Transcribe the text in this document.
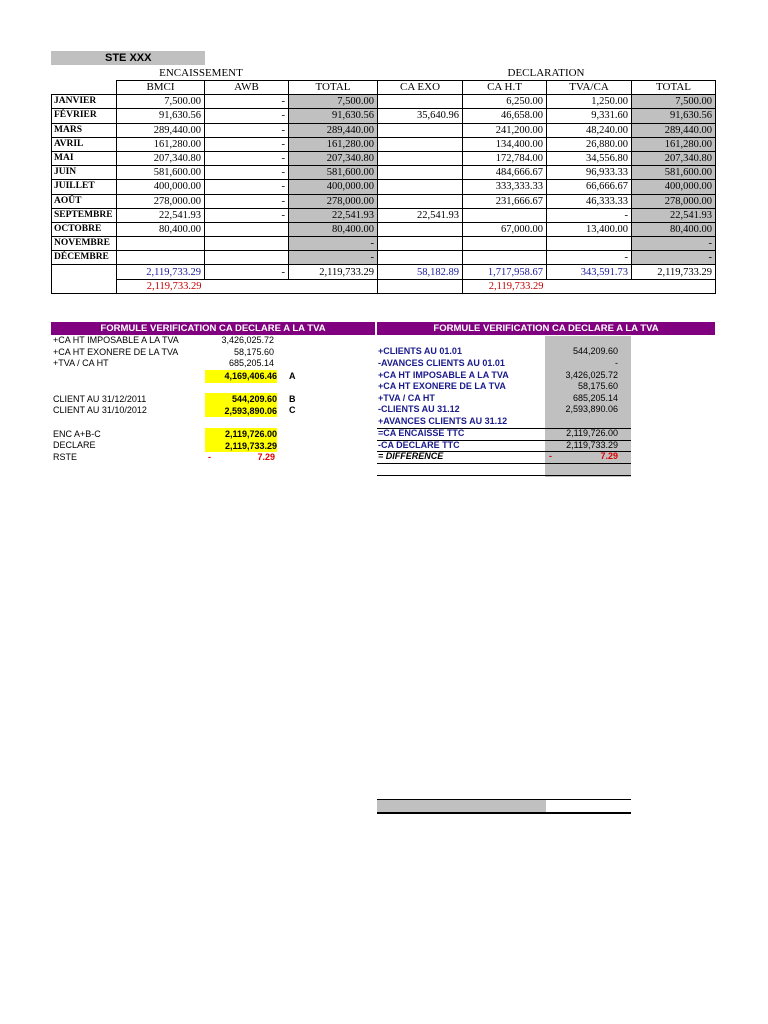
STE XXX
ENCAISSEMENT	DECLARATION
	BMCI	AWB	TOTAL	CA EXO	CA H.T	TVA/CA	TOTAL
JANVIER	7,500.00	-	7,500.00		6,250.00	1,250.00	7,500.00
FÉVRIER	91,630.56	-	91,630.56	35,640.96	46,658.00	9,331.60	91,630.56
MARS	289,440.00	-	289,440.00		241,200.00	48,240.00	289,440.00
AVRIL	161,280.00	-	161,280.00		134,400.00	26,880.00	161,280.00
MAI	207,340.80	-	207,340.80		172,784.00	34,556.80	207,340.80
JUIN	581,600.00	-	581,600.00		484,666.67	96,933.33	581,600.00
JUILLET	400,000.00	-	400,000.00		333,333.33	66,666.67	400,000.00
AOÛT	278,000.00	-	278,000.00		231,666.67	46,333.33	278,000.00
SEPTEMBRE	22,541.93	-	22,541.93	22,541.93		-	22,541.93
OCTOBRE	80,400.00		80,400.00		67,000.00	13,400.00	80,400.00
NOVEMBRE			-				-
DÉCEMBRE			-			-	-
	2,119,733.29	-	2,119,733.29	58,182.89	1,717,958.67	343,591.73	2,119,733.29
	2,119,733.29				2,119,733.29		
FORMULE VERIFICATION CA DECLARE A LA TVA
+CA HT IMPOSABLE A LA TVA	3,426,025.72
+CA HT EXONERE DE LA TVA	58,175.60
+TVA / CA HT	685,205.14
4,169,406.46 A
CLIENT AU 31/12/2011	544,209.60 B
CLIENT AU 31/10/2012	2,593,890.06 C
ENC A+B-C	2,119,726.00
DECLARE	2,119,733.29
RSTE	-	7.29
FORMULE VERIFICATION CA DECLARE A LA TVA
+CLIENTS AU 01.01	544,209.60
-AVANCES CLIENTS AU 01.01	-
+CA HT IMPOSABLE A LA TVA	3,426,025.72
+CA HT EXONERE DE LA TVA	58,175.60
+TVA / CA HT	685,205.14
-CLIENTS AU 31.12	2,593,890.06
+AVANCES CLIENTS AU 31.12
=CA ENCAISSE TTC	2,119,726.00
-CA DECLARE TTC	2,119,733.29
= DIFFERENCE	7.29
-
